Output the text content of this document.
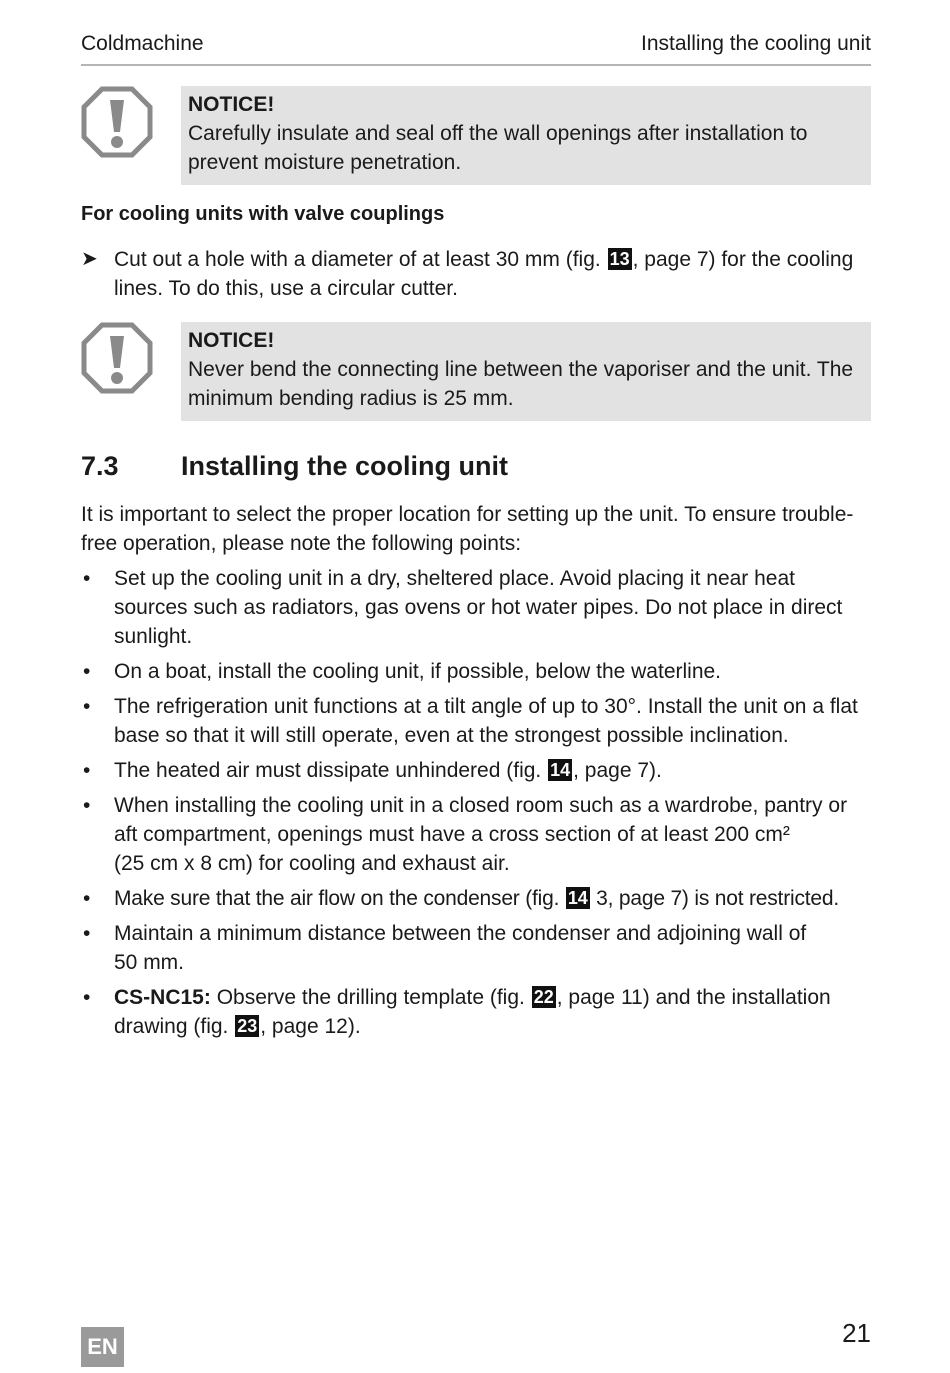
Coldmachine	Installing the cooling unit
NOTICE!
Carefully insulate and seal off the wall openings after installation to prevent moisture penetration.
For cooling units with valve couplings
➤ Cut out a hole with a diameter of at least 30 mm (fig. 13 , page 7) for the cooling lines. To do this, use a circular cutter.
NOTICE!
Never bend the connecting line between the vaporiser and the unit. The minimum bending radius is 25 mm.
7.3 Installing the cooling unit
It is important to select the proper location for setting up the unit. To ensure trouble-free operation, please note the following points:
• Set up the cooling unit in a dry, sheltered place. Avoid placing it near heat sources such as radiators, gas ovens or hot water pipes. Do not place in direct sunlight.
• On a boat, install the cooling unit, if possible, below the waterline.
• The refrigeration unit functions at a tilt angle of up to 30°. Install the unit on a flat base so that it will still operate, even at the strongest possible inclination.
• The heated air must dissipate unhindered (fig. 14 , page 7).
• When installing the cooling unit in a closed room such as a wardrobe, pantry or aft compartment, openings must have a cross section of at least 200 cm²
(25 cm x 8 cm) for cooling and exhaust air.
• Make sure that the air flow on the condenser (fig. 14 3, page 7) is not restricted.
• Maintain a minimum distance between the condenser and adjoining wall of
50 mm.
• CS-NC15: Observe the drilling template (fig. 22 , page 11) and the installation drawing (fig. 23 , page 12).
EN	21
